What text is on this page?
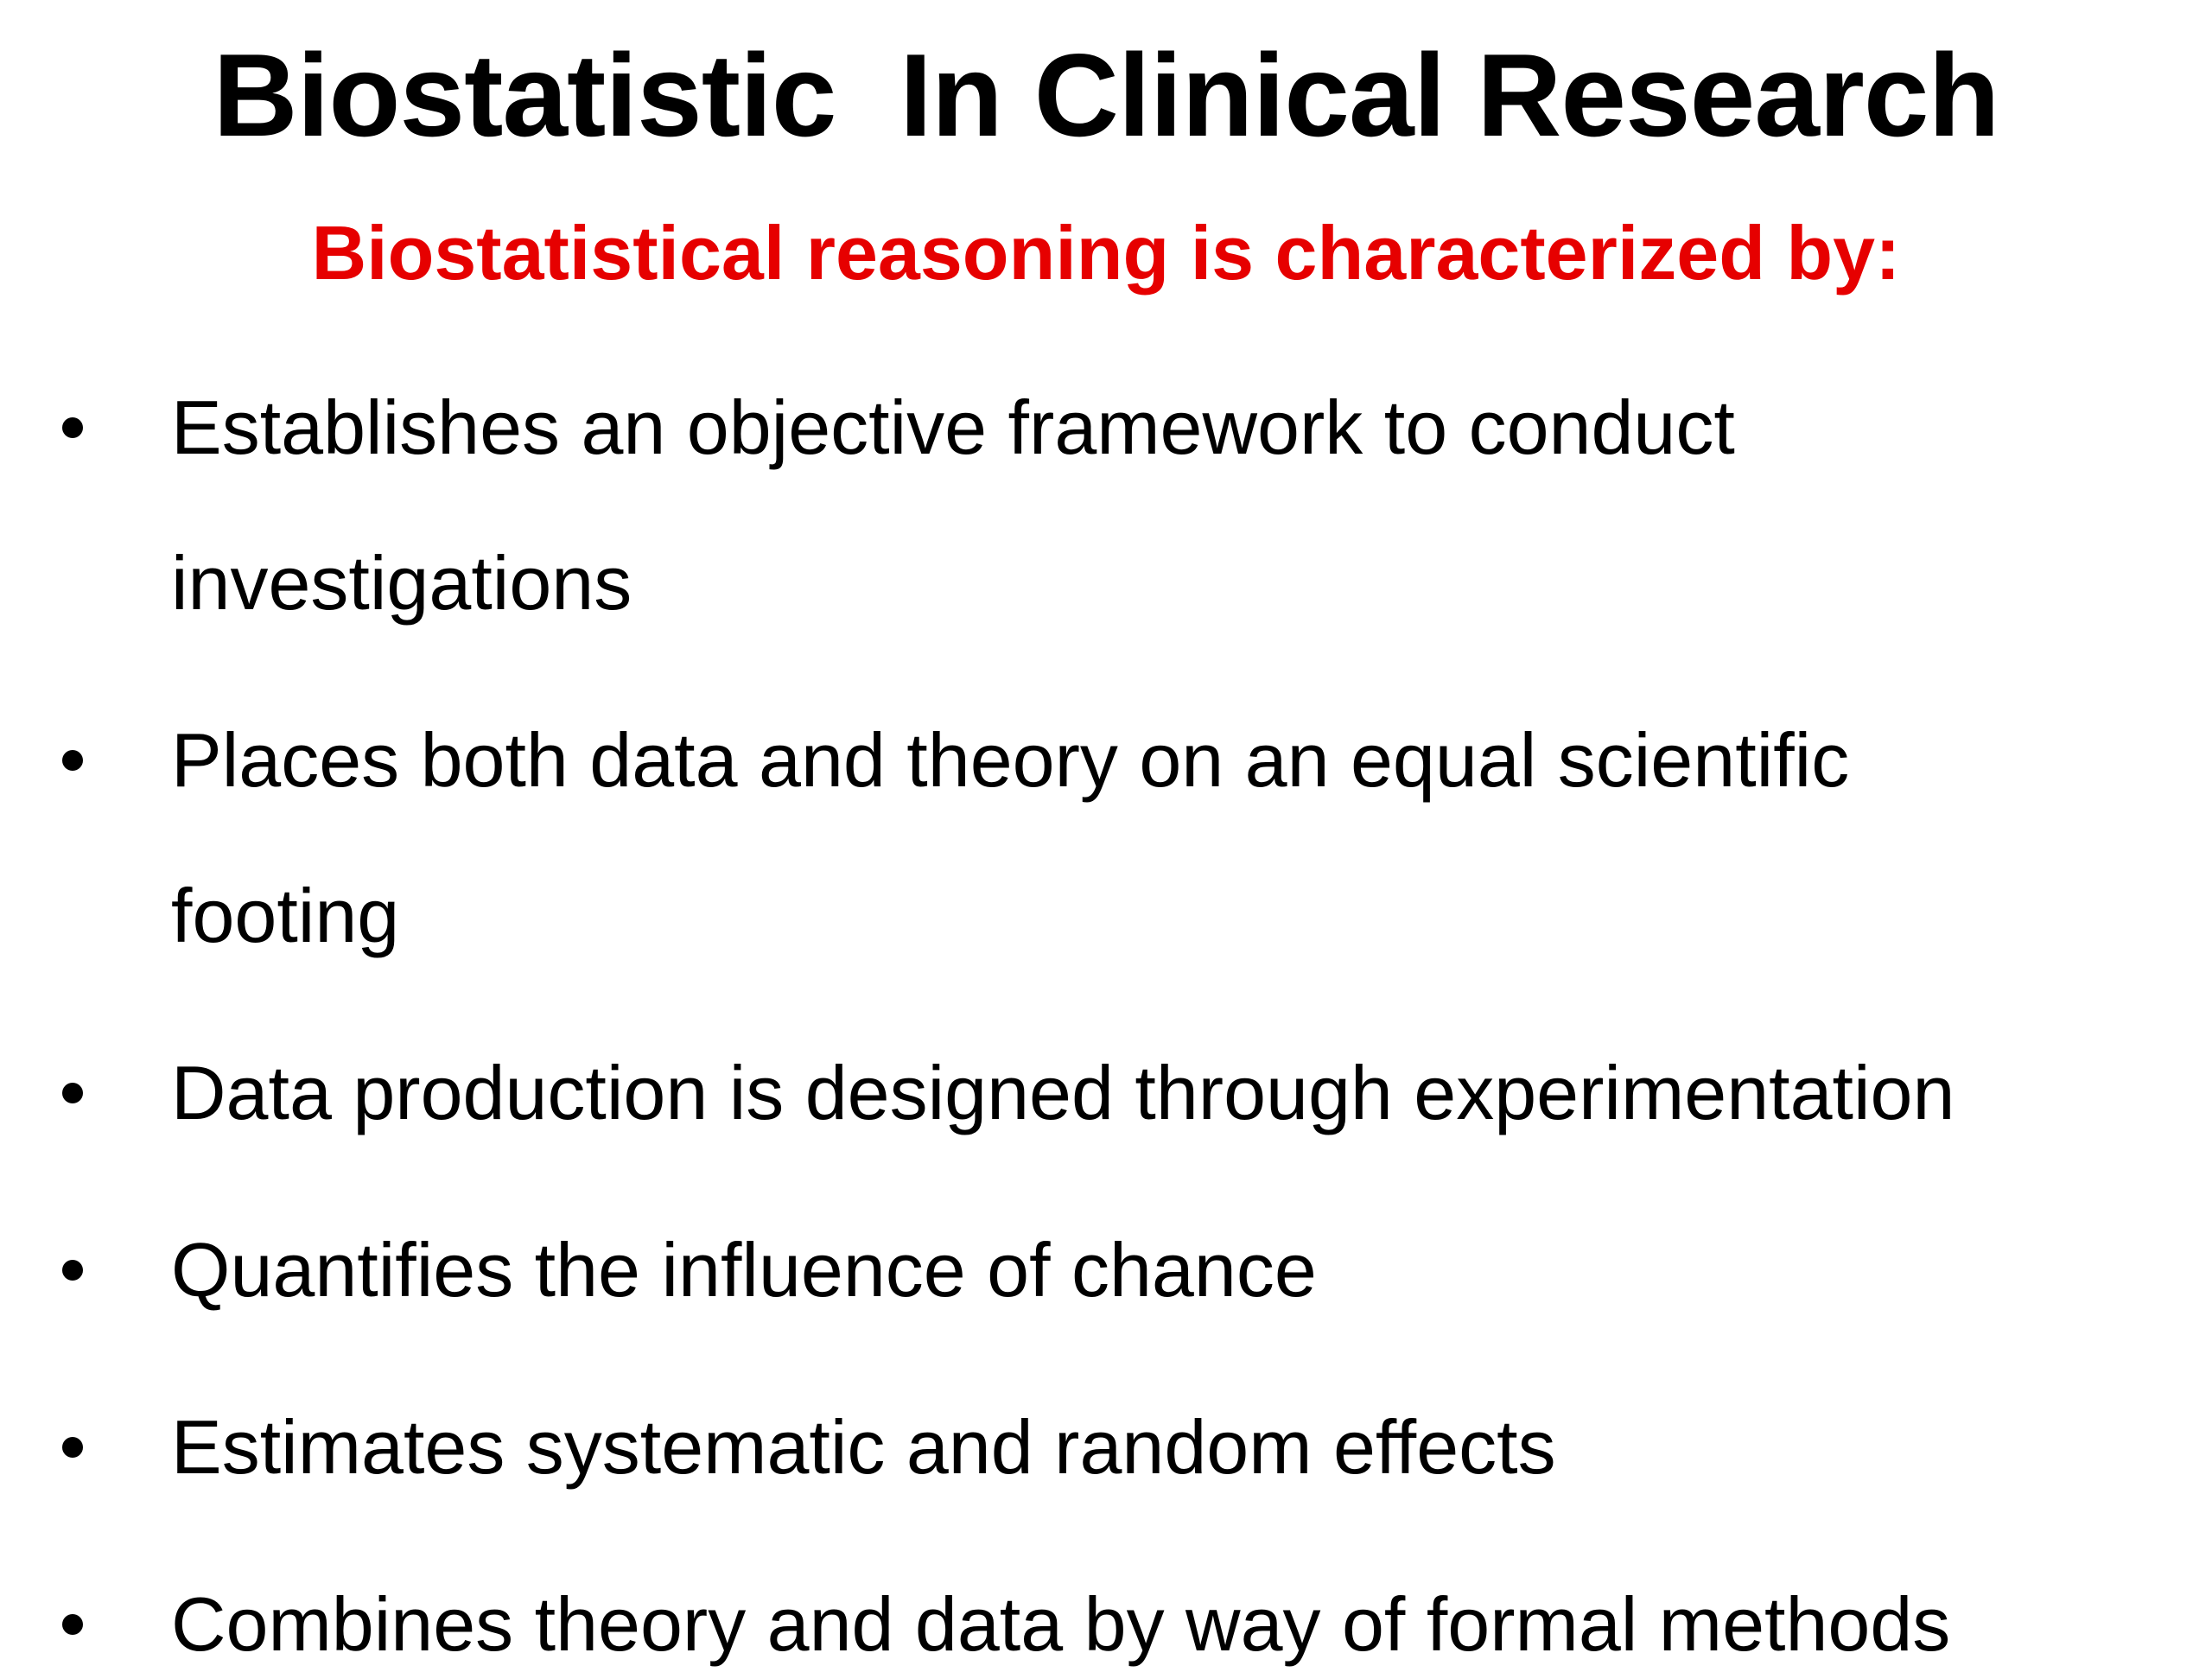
Biostatistic  In Clinical Research
Biostatistical reasoning is characterized by:
Establishes an objective framework to conduct
investigations
Places both data and theory on an equal scientific
footing
Data production is designed through experimentation
Quantifies the influence of chance
Estimates systematic and random effects
Combines theory and data by way of formal methods
